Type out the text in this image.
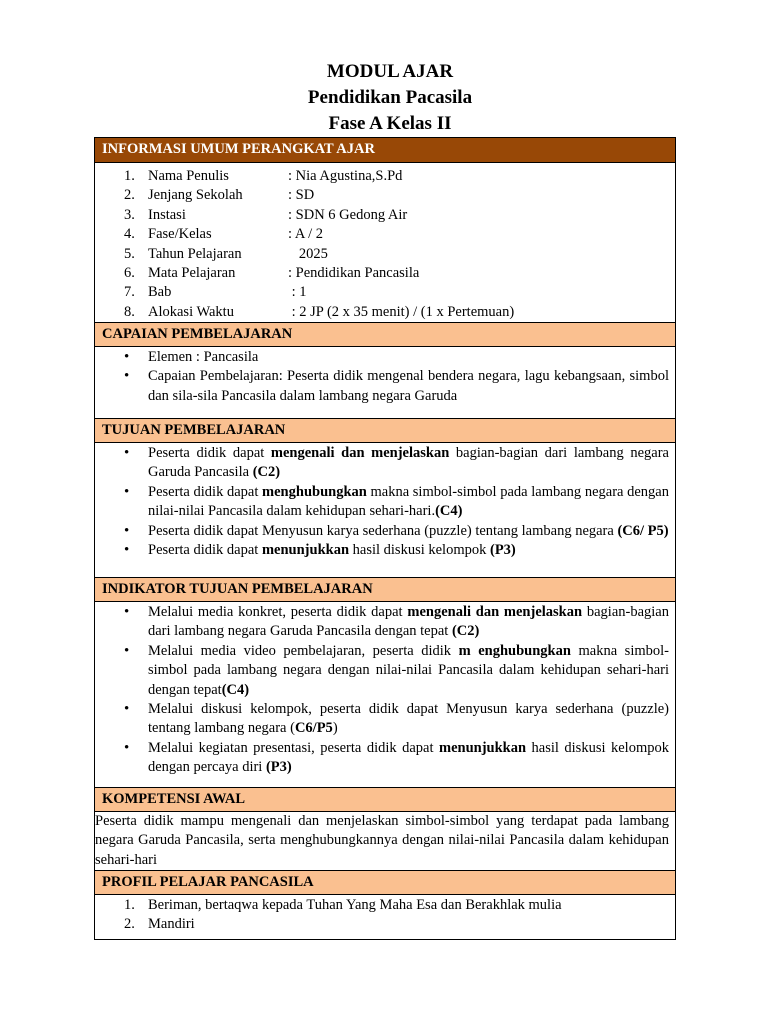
MODUL AJAR
Pendidikan Pacasila
Fase A Kelas II
INFORMASI UMUM PERANGKAT AJAR
1. Nama Penulis	: Nia Agustina,S.Pd
2. Jenjang Sekolah	: SD
3. Instasi	: SDN 6 Gedong Air
4. Fase/Kelas	: A / 2
5. Tahun Pelajaran	2025
6. Mata Pelajaran	: Pendidikan Pancasila
7. Bab	: 1
8. Alokasi Waktu	: 2 JP (2 x 35 menit) / (1 x Pertemuan)
CAPAIAN PEMBELAJARAN
• Elemen : Pancasila
• Capaian Pembelajaran: Peserta didik mengenal bendera negara, lagu kebangsaan, simbol dan sila-sila Pancasila dalam lambang negara Garuda
TUJUAN PEMBELAJARAN
• Peserta didik dapat mengenali dan menjelaskan bagian-bagian dari lambang negara Garuda Pancasila (C2)
• Peserta didik dapat menghubungkan makna simbol-simbol pada lambang negara dengan nilai-nilai Pancasila dalam kehidupan sehari-hari.(C4)
• Peserta didik dapat Menyusun karya sederhana (puzzle) tentang lambang negara (C6/ P5)
• Peserta didik dapat menunjukkan hasil diskusi kelompok (P3)
INDIKATOR TUJUAN PEMBELAJARAN
• Melalui media konkret, peserta didik dapat mengenali dan menjelaskan bagian-bagian dari lambang negara Garuda Pancasila dengan tepat (C2)
• Melalui media video pembelajaran, peserta didik m enghubungkan makna simbol-simbol pada lambang negara dengan nilai-nilai Pancasila dalam kehidupan sehari-hari dengan tepat(C4)
• Melalui diskusi kelompok, peserta didik dapat Menyusun karya sederhana (puzzle) tentang lambang negara (C6/P5)
• Melalui kegiatan presentasi, peserta didik dapat menunjukkan hasil diskusi kelompok dengan percaya diri (P3)
KOMPETENSI AWAL
Peserta didik mampu mengenali dan menjelaskan simbol-simbol yang terdapat pada lambang negara Garuda Pancasila, serta menghubungkannya dengan nilai-nilai Pancasila dalam kehidupan sehari-hari
PROFIL PELAJAR PANCASILA
1. Beriman, bertaqwa kepada Tuhan Yang Maha Esa dan Berakhlak mulia
2. Mandiri
